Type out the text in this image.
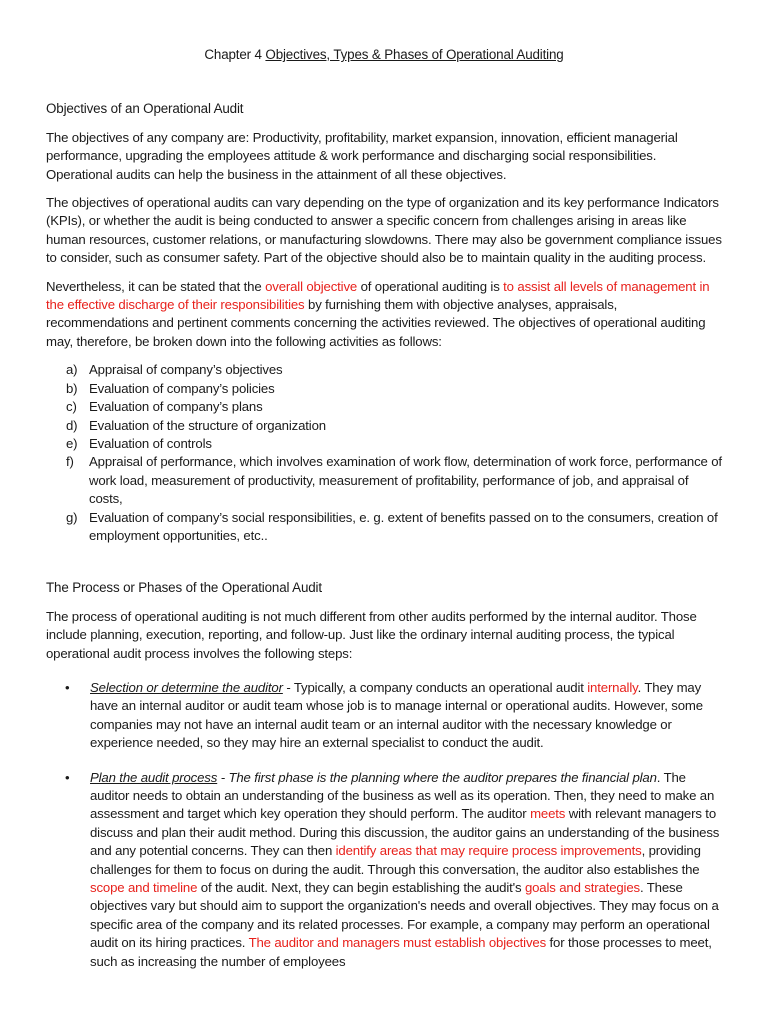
Chapter 4 Objectives, Types & Phases of Operational Auditing
Objectives of an Operational Audit

The objectives of any company are: Productivity, profitability, market expansion, innovation, efficient managerial performance, upgrading the employees attitude & work performance and discharging social responsibilities. Operational audits can help the business in the attainment of all these objectives.

The objectives of operational audits can vary depending on the type of organization and its key performance Indicators (KPIs), or whether the audit is being conducted to answer a specific concern from challenges arising in areas like human resources, customer relations, or manufacturing slowdowns. There may also be government compliance issues to consider, such as consumer safety. Part of the objective should also be to maintain quality in the auditing process.

Nevertheless, it can be stated that the overall objective of operational auditing is to assist all levels of management in the effective discharge of their responsibilities by furnishing them with objective analyses, appraisals, recommendations and pertinent comments concerning the activities reviewed. The objectives of operational auditing may, therefore, be broken down into the following activities as follows:

a) Appraisal of company’s objectives
b) Evaluation of company’s policies
c) Evaluation of company’s plans
d) Evaluation of the structure of organization
e) Evaluation of controls
f) Appraisal of performance, which involves examination of work flow, determination of work force, performance of work load, measurement of productivity, measurement of profitability, performance of job, and appraisal of costs,
g) Evaluation of company’s social responsibilities, e. g. extent of benefits passed on to the consumers, creation of employment opportunities, etc..
The Process or Phases of the Operational Audit

The process of operational auditing is not much different from other audits performed by the internal auditor. Those include planning, execution, reporting, and follow-up. Just like the ordinary internal auditing process, the typical operational audit process involves the following steps:

• Selection or determine the auditor - Typically, a company conducts an operational audit internally. They may have an internal auditor or audit team whose job is to manage internal or operational audits. However, some companies may not have an internal audit team or an internal auditor with the necessary knowledge or experience needed, so they may hire an external specialist to conduct the audit.
• Plan the audit process - The first phase is the planning where the auditor prepares the financial plan. The auditor needs to obtain an understanding of the business as well as its operation. Then, they need to make an assessment and target which key operation they should perform. The auditor meets with relevant managers to discuss and plan their audit method. During this discussion, the auditor gains an understanding of the business and any potential concerns. They can then identify areas that may require process improvements, providing challenges for them to focus on during the audit. Through this conversation, the auditor also establishes the scope and timeline of the audit. Next, they can begin establishing the audit's goals and strategies. These objectives vary but should aim to support the organization's needs and overall objectives. They may focus on a specific area of the company and its related processes. For example, a company may perform an operational audit on its hiring practices. The auditor and managers must establish objectives for those processes to meet, such as increasing the number of employees
